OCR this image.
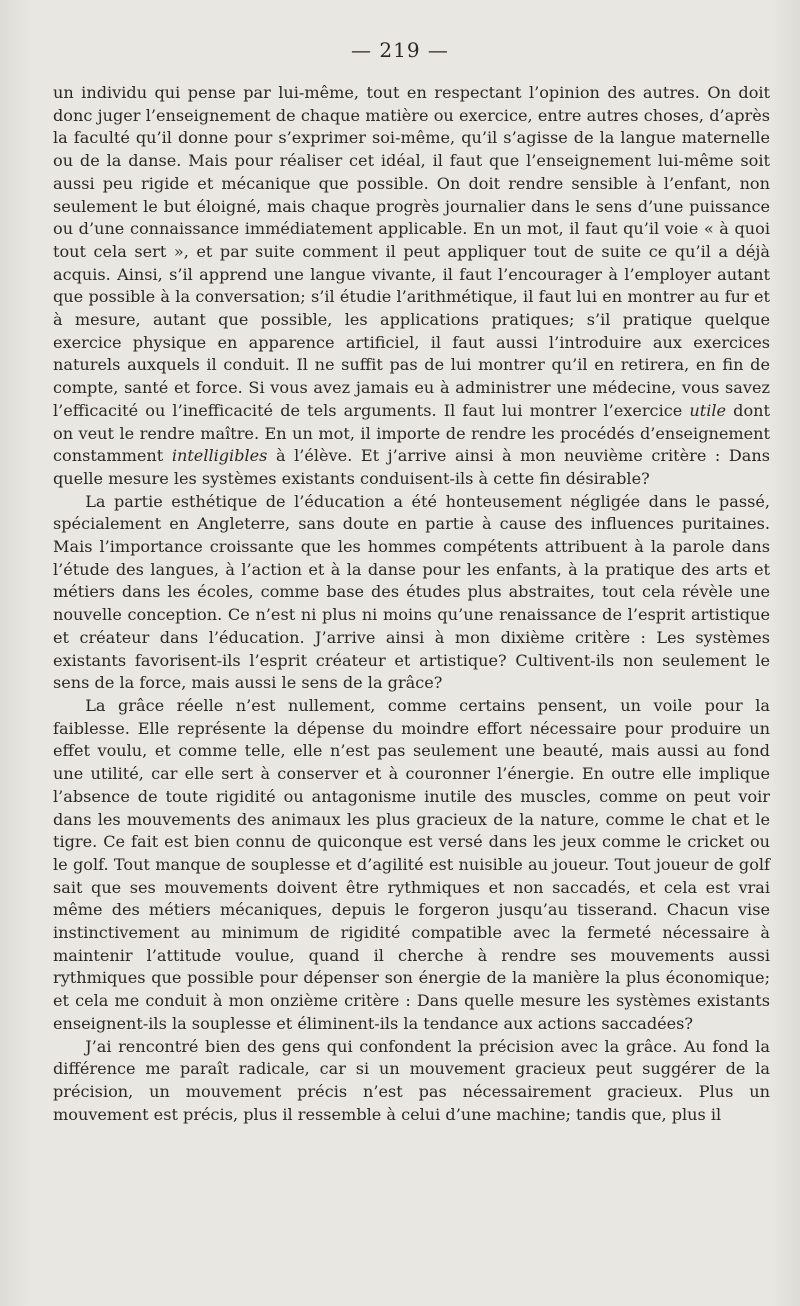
— 219 —

un individu qui pense par lui-même, tout en respectant l’opinion des autres. On doit donc juger l’enseignement de chaque matière ou exercice, entre autres choses, d’après la faculté qu’il donne pour s’exprimer soi-même, qu’il s’agisse de la langue maternelle ou de la danse. Mais pour réaliser cet idéal, il faut que l’enseignement lui-même soit aussi peu rigide et mécanique que possible. On doit rendre sensible à l’enfant, non seulement le but éloigné, mais chaque progrès journalier dans le sens d’une puissance ou d’une connaissance immédiatement applicable. En un mot, il faut qu’il voie « à quoi tout cela sert », et par suite comment il peut appliquer tout de suite ce qu’il a déjà acquis. Ainsi, s’il apprend une langue vivante, il faut l’encourager à l’employer autant que possible à la conversation; s’il étudie l’arithmétique, il faut lui en montrer au fur et à mesure, autant que possible, les applications pratiques; s’il pratique quelque exercice physique en apparence artificiel, il faut aussi l’introduire aux exercices naturels auxquels il conduit. Il ne suffit pas de lui montrer qu’il en retirera, en fin de compte, santé et force. Si vous avez jamais eu à administrer une médecine, vous savez l’efficacité ou l’inefficacité de tels arguments. Il faut lui montrer l’exercice utile dont on veut le rendre maître. En un mot, il importe de rendre les procédés d’enseignement constamment intelligibles à l’élève. Et j’arrive ainsi à mon neuvième critère : Dans quelle mesure les systèmes existants conduisent-ils à cette fin désirable?

La partie esthétique de l’éducation a été honteusement négligée dans le passé, spécialement en Angleterre, sans doute en partie à cause des influences puritaines. Mais l’importance croissante que les hommes compétents attribuent à la parole dans l’étude des langues, à l’action et à la danse pour les enfants, à la pratique des arts et métiers dans les écoles, comme base des études plus abstraites, tout cela révèle une nouvelle conception. Ce n’est ni plus ni moins qu’une renaissance de l’esprit artistique et créateur dans l’éducation. J’arrive ainsi à mon dixième critère : Les systèmes existants favorisent-ils l’esprit créateur et artistique? Cultivent-ils non seulement le sens de la force, mais aussi le sens de la grâce?

La grâce réelle n’est nullement, comme certains pensent, un voile pour la faiblesse. Elle représente la dépense du moindre effort nécessaire pour produire un effet voulu, et comme telle, elle n’est pas seulement une beauté, mais aussi au fond une utilité, car elle sert à conserver et à couronner l’énergie. En outre elle implique l’absence de toute rigidité ou antagonisme inutile des muscles, comme on peut voir dans les mouvements des animaux les plus gracieux de la nature, comme le chat et le tigre. Ce fait est bien connu de quiconque est versé dans les jeux comme le cricket ou le golf. Tout manque de souplesse et d’agilité est nuisible au joueur. Tout joueur de golf sait que ses mouvements doivent être rythmiques et non saccadés, et cela est vrai même des métiers mécaniques, depuis le forgeron jusqu’au tisserand. Chacun vise instinctivement au minimum de rigidité compatible avec la fermeté nécessaire à maintenir l’attitude voulue, quand il cherche à rendre ses mouvements aussi rythmiques que possible pour dépenser son énergie de la manière la plus économique; et cela me conduit à mon onzième critère : Dans quelle mesure les systèmes existants enseignent-ils la souplesse et éliminent-ils la tendance aux actions saccadées?

J’ai rencontré bien des gens qui confondent la précision avec la grâce. Au fond la différence me paraît radicale, car si un mouvement gracieux peut suggérer de la précision, un mouvement précis n’est pas nécessairement gracieux. Plus un mouvement est précis, plus il ressemble à celui d’une machine; tandis que, plus il
